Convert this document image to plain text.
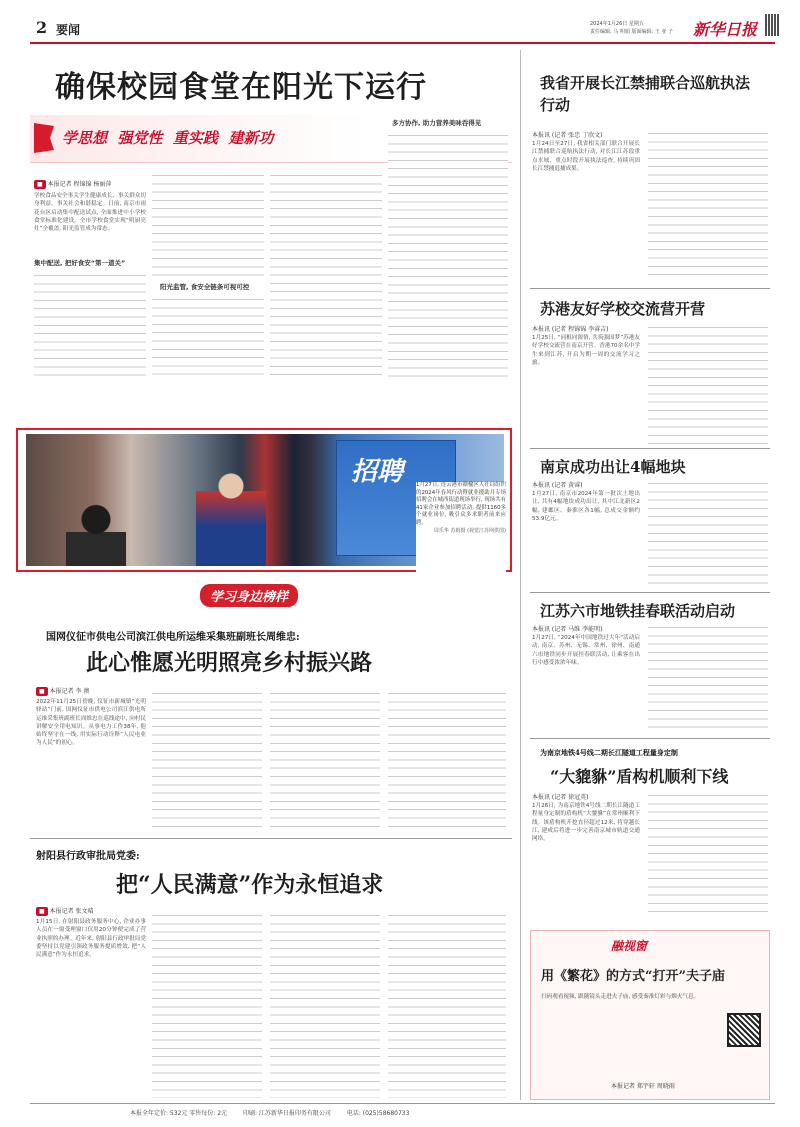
2 要闻	2024年1月26日 星期五
责任编辑: 马 明娟 版面编辑: 王 亚 子 新华日报
确保校园食堂在阳光下运行
学思想  强党性  重实践  建新功
■ 本报记者 程锦锦 杨丽萍
学校食品安全事关学生健康成长、事关群众切身利益、事关社会和谐稳定。日前, 南京市雨花台区启动集中配送试点, 全面推进中小学校食堂标准化建设。全市学校食堂实现“明厨亮灶”全覆盖, 阳光监管成为常态。
集中配送, 把好食安“第一道关”
阳光监管, 食安全链条可视可控
多方协作, 助力营养美味吞得见
招聘 1月27日, 连云港市赣榆区人社局组织的2024年春风行动暨就业援助月专场招聘会在城西街道现场举行, 现场共有41家企业参加招聘活动, 提供1160多个就业岗位, 吸引众多求职者前来应聘。
周乐华 苏姆摄 (视觉江苏网供图)
学习身边榜样
国网仪征市供电公司滨江供电所运维采集班副班长周维忠:
此心惟愿光明照亮乡村振兴路
■ 本报记者 李 澳
2022年11月25日傍晚, 仪征市新城镇“光明驿站”门前, 国网仪征市供电公司滨江供电所运维采集班副班长周维忠在巡线途中, 向村民讲解安全用电知识。从事电力工作38年, 他始终坚守在一线, 用实际行动诠释“人民电业为人民”的初心。
射阳县行政审批局党委:
把“人民满意”作为永恒追求
■ 本报记者 张文晴
1月15日, 在射阳县政务服务中心, 企业办事人员在一窗受理窗口仅用20分钟便完成了营业执照的办理。近年来, 射阳县行政审批局党委坚持以党建引领政务服务提质增效, 把“人民满意”作为永恒追求。
我省开展长江禁捕联合巡航执法行动
本报讯 (记者 张忠 丁欣文)
1月24日至27日, 我省相关部门联合开展长江禁捕联合巡航执法行动, 对长江江苏段重点水域、重点时段开展执法巡查, 持续巩固长江禁捕退捕成果。
苏港友好学校交流营开营
本报讯 (记者 程锦锦 李睿吉)
1月25日, “同根同源情, 共筑强国梦”苏港友好学校交流营在南京开营。香港70余名中学生来到江苏, 开启为期一周的交流学习之旅。
南京成功出让4幅地块
本报讯 (记者 黄睿)
1月27日, 南京市2024年第一批次土地出让, 共有4幅地块成功出让, 其中江北新区2幅, 建邺区、秦淮区各1幅, 总成交金额约53.9亿元。
江苏六市地铁挂春联活动启动
本报讯 (记者 马维 李能明)
1月27日, “2024年中国地铁过大年”活动启动, 南京、苏州、无锡、常州、徐州、南通六市地铁同步开展挂春联活动, 让乘客在出行中感受浓浓年味。
为南京地铁4号线二期长江隧道工程量身定制
“大貔貅”盾构机顺利下线
本报讯 (记者 徐冠英)
1月26日, 为南京地铁4号线二期长江隧道工程量身定制的盾构机“大貔貅”在常州顺利下线。该盾构机开挖直径超过12米, 将穿越长江, 建成后将进一步完善南京城市轨道交通网络。
融视窗
用《繁花》的方式“打开”夫子庙
扫码观看视频, 跟随镜头走进夫子庙, 感受秦淮灯彩与烟火气息。
本报记者 郑宇轩 周晓雨
本报全年定价: 532元 零售每份: 2元	印刷: 江苏新华日报印务有限公司	电话: (025)58680733
